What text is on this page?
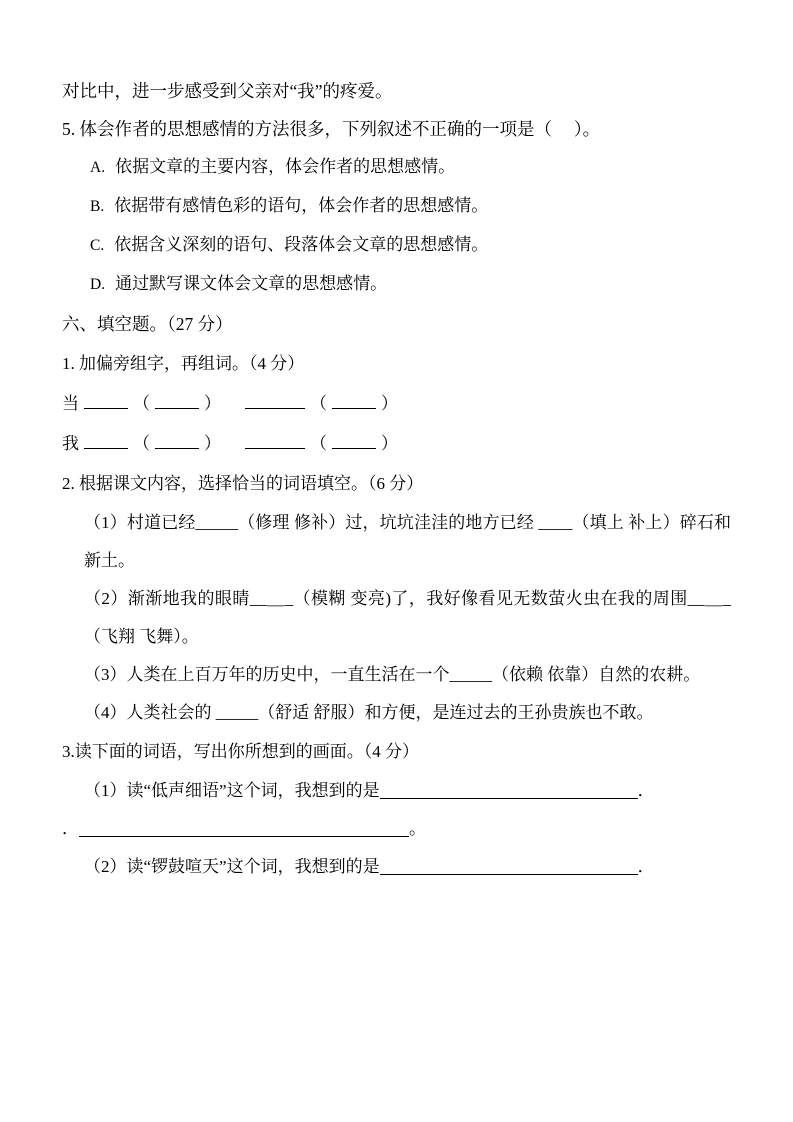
对比中，进一步感受到父亲对“我”的疼爱。
5. 体会作者的思想感情的方法很多，下列叙述不正确的一项是（     ）。
A. 依据文章的主要内容，体会作者的思想感情。
B. 依据带有感情色彩的语句，体会作者的思想感情。
C. 依据含义深刻的语句、段落体会文章的思想感情。
D. 通过默写课文体会文章的思想感情。
六、填空题。（27 分）
1. 加偏旁组字，再组词。（4 分）
当	（	）	（	）
我	（	）	（	）
2. 根据课文内容，选择恰当的词语填空。（6 分）
（1）村道已经_____（修理 修补）过，坑坑洼洼的地方已经 ____（填上 补上）碎石和新土。
（2）渐渐地我的眼睛__＿_（模糊 变亮)了，我好像看见无数萤火虫在我的周围__＿_（飞翔 飞舞）。
（3）人类在上百万年的历史中，一直生活在一个_____（依赖 依靠）自然的农耕。
（4）人类社会的 _____（舒适 舒服）和方便，是连过去的王孙贵族也不敢。
3.读下面的词语，写出你所想到的画面。（4 分）
（1）读“低声细语”这个词，我想到的是	．
．	。
（2）读“锣鼓喧天”这个词，我想到的是	．
